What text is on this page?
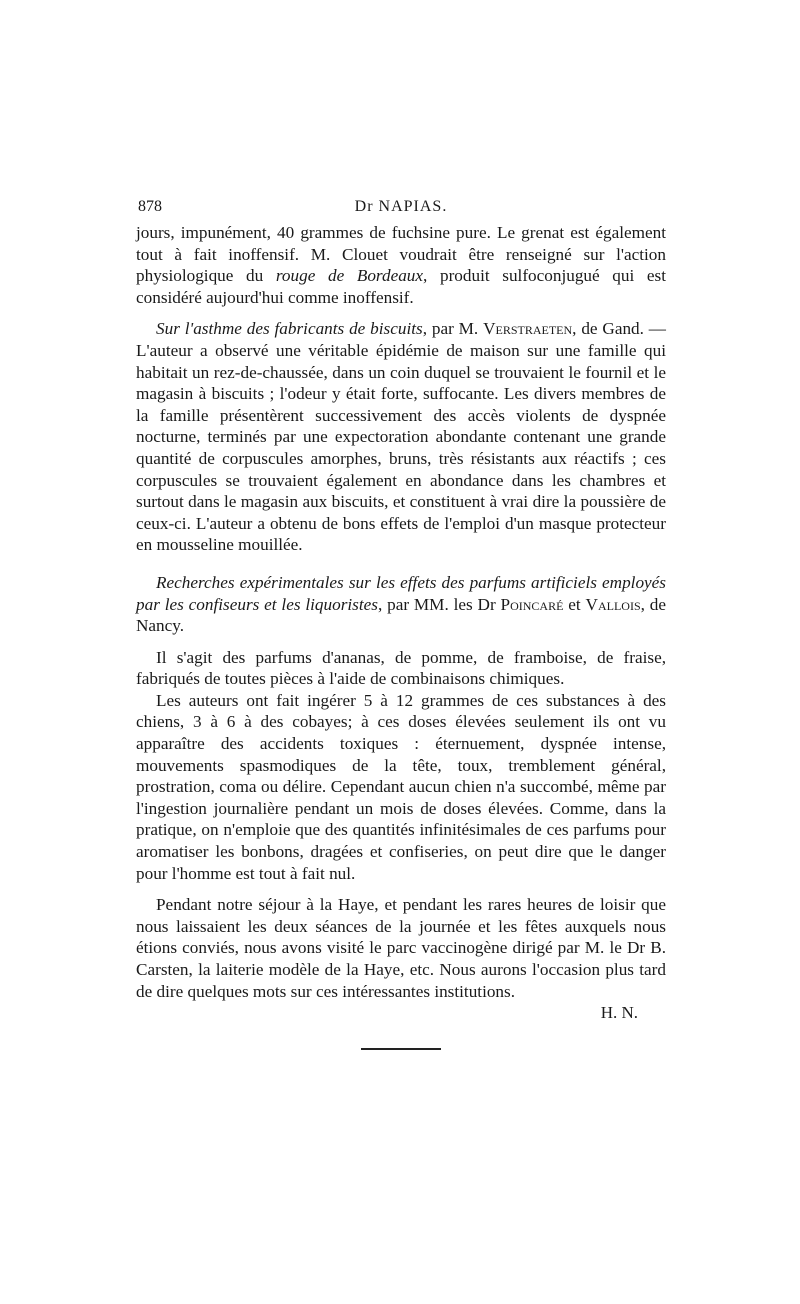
878	Dr NAPIAS.

jours, impunément, 40 grammes de fuchsine pure. Le grenat est également tout à fait inoffensif. M. Clouet voudrait être renseigné sur l'action physiologique du rouge de Bordeaux, produit sulfoconjugué qui est considéré aujourd'hui comme inoffensif.

Sur l'asthme des fabricants de biscuits, par M. Verstraeten, de Gand. — L'auteur a observé une véritable épidémie de maison sur une famille qui habitait un rez-de-chaussée, dans un coin duquel se trouvaient le fournil et le magasin à biscuits ; l'odeur y était forte, suffocante. Les divers membres de la famille présentèrent successivement des accès violents de dyspnée nocturne, terminés par une expectoration abondante contenant une grande quantité de corpuscules amorphes, bruns, très résistants aux réactifs ; ces corpuscules se trouvaient également en abondance dans les chambres et surtout dans le magasin aux biscuits, et constituent à vrai dire la poussière de ceux-ci. L'auteur a obtenu de bons effets de l'emploi d'un masque protecteur en mousseline mouillée.

Recherches expérimentales sur les effets des parfums artificiels employés par les confiseurs et les liquoristes, par MM. les Dr Poincaré et Vallois, de Nancy.

Il s'agit des parfums d'ananas, de pomme, de framboise, de fraise, fabriqués de toutes pièces à l'aide de combinaisons chimiques.

Les auteurs ont fait ingérer 5 à 12 grammes de ces substances à des chiens, 3 à 6 à des cobayes; à ces doses élevées seulement ils ont vu apparaître des accidents toxiques : éternuement, dyspnée intense, mouvements spasmodiques de la tête, toux, tremblement général, prostration, coma ou délire. Cependant aucun chien n'a succombé, même par l'ingestion journalière pendant un mois de doses élevées. Comme, dans la pratique, on n'emploie que des quantités infinitésimales de ces parfums pour aromatiser les bonbons, dragées et confiseries, on peut dire que le danger pour l'homme est tout à fait nul.

Pendant notre séjour à la Haye, et pendant les rares heures de loisir que nous laissaient les deux séances de la journée et les fêtes auxquels nous étions conviés, nous avons visité le parc vaccinogène dirigé par M. le Dr B. Carsten, la laiterie modèle de la Haye, etc. Nous aurons l'occasion plus tard de dire quelques mots sur ces intéressantes institutions.

H. N.
